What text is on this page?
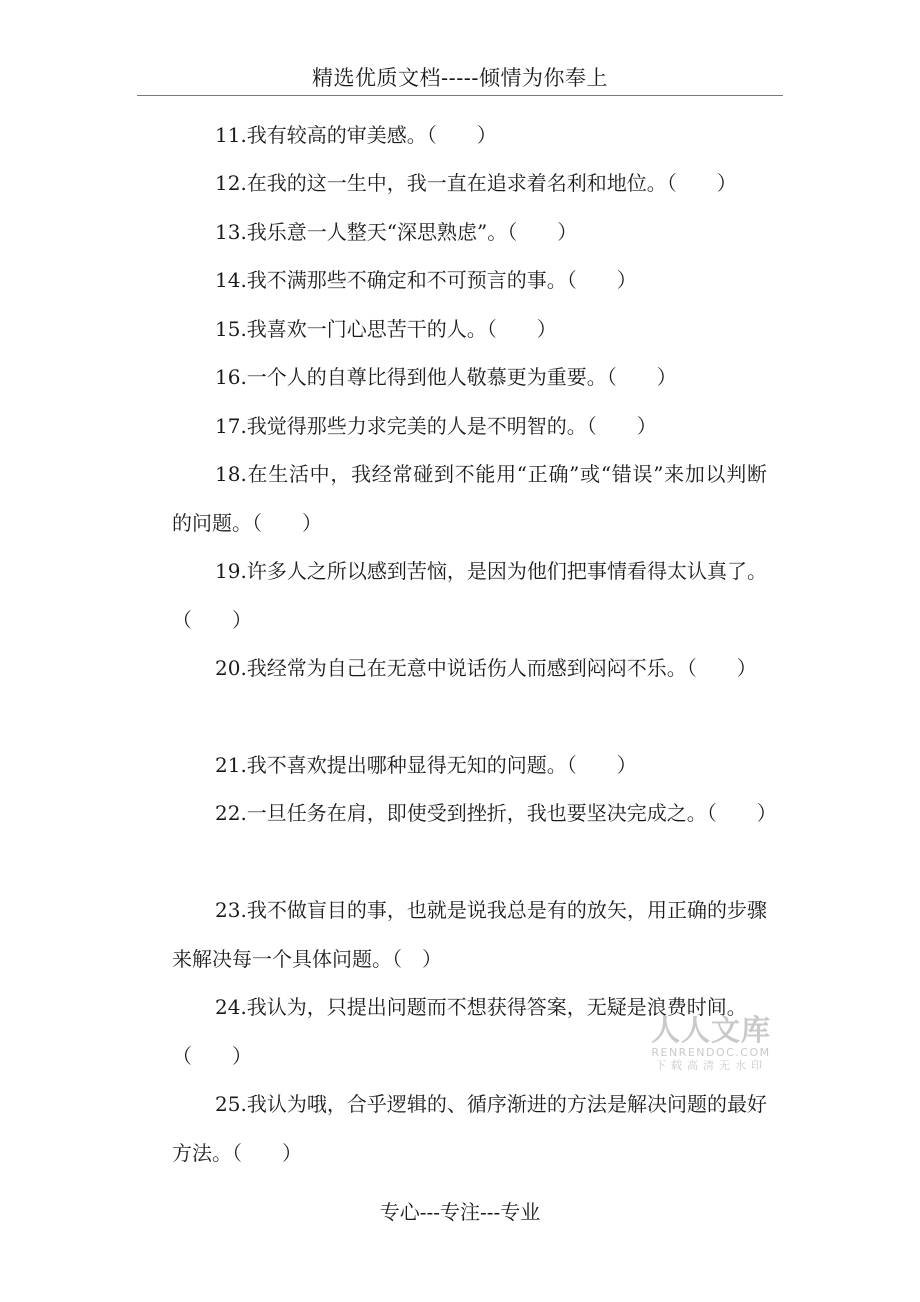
精选优质文档-----倾情为你奉上

11.我有较高的审美感。（　　）

12.在我的这一生中，我一直在追求着名利和地位。（　　）

13.我乐意一人整天“深思熟虑”。（　　）

14.我不满那些不确定和不可预言的事。（　　）

15.我喜欢一门心思苦干的人。（　　）

16.一个人的自尊比得到他人敬慕更为重要。（　　）

17.我觉得那些力求完美的人是不明智的。（　　）

18.在生活中，我经常碰到不能用“正确”或“错误”来加以判断的问题。（　　）

19.许多人之所以感到苦恼，是因为他们把事情看得太认真了。（　　）

20.我经常为自己在无意中说话伤人而感到闷闷不乐。（　　）

21.我不喜欢提出哪种显得无知的问题。（　　）

22.一旦任务在肩，即使受到挫折，我也要坚决完成之。（　　）

23.我不做盲目的事，也就是说我总是有的放矢，用正确的步骤来解决每一个具体问题。（　）

24.我认为，只提出问题而不想获得答案，无疑是浪费时间。（　　）

25.我认为哦，合乎逻辑的、循序渐进的方法是解决问题的最好方法。（　　）

人人文库
RENRENDOC.COM
下载高清无水印
专心---专注---专业
